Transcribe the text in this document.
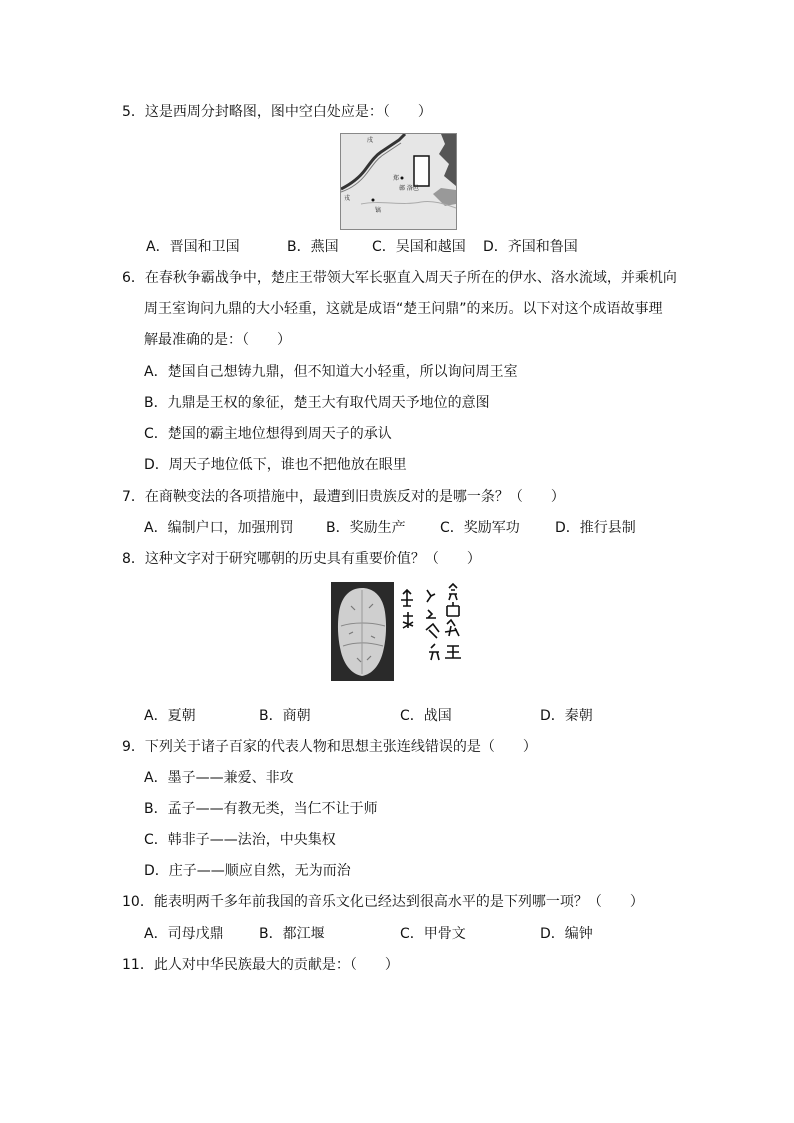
5．这是西周分封略图，图中空白处应是：（　　）
郑
镐
戎
鄣 洛邑
戌
A．晋国和卫国	B．燕国 C．吴国和越国 D．齐国和鲁国
6．在春秋争霸战争中，楚庄王带领大军长驱直入周天子所在的伊水、洛水流域，并乘机向
周王室询问九鼎的大小轻重，这就是成语“楚王问鼎”的来历。以下对这个成语故事理
解最准确的是：（　　）
A．楚国自己想铸九鼎，但不知道大小轻重，所以询问周王室
B．九鼎是王权的象征，楚王大有取代周天予地位的意图
C．楚国的霸主地位想得到周天子的承认
D．周天子地位低下，谁也不把他放在眼里
7．在商鞅变法的各项措施中，最遭到旧贵族反对的是哪一条？（　　）
A．编制户口，加强刑罚 B．奖励生产 C．奖励军功	D．推行县制
8．这种文字对于研究哪朝的历史具有重要价值？（　　）
A．夏朝	B．商朝	C．战国	D．秦朝
9．下列关于诸子百家的代表人物和思想主张连线错误的是（　　）
A．墨子——兼爱、非攻
B．孟子——有教无类，当仁不让于师
C．韩非子——法治，中央集权
D．庄子——顺应自然，无为而治
10．能表明两千多年前我国的音乐文化已经达到很高水平的是下列哪一项？（　　）
A．司母戊鼎	B．都江堰	C．甲骨文	D．编钟
11．此人对中华民族最大的贡献是：（　　）
